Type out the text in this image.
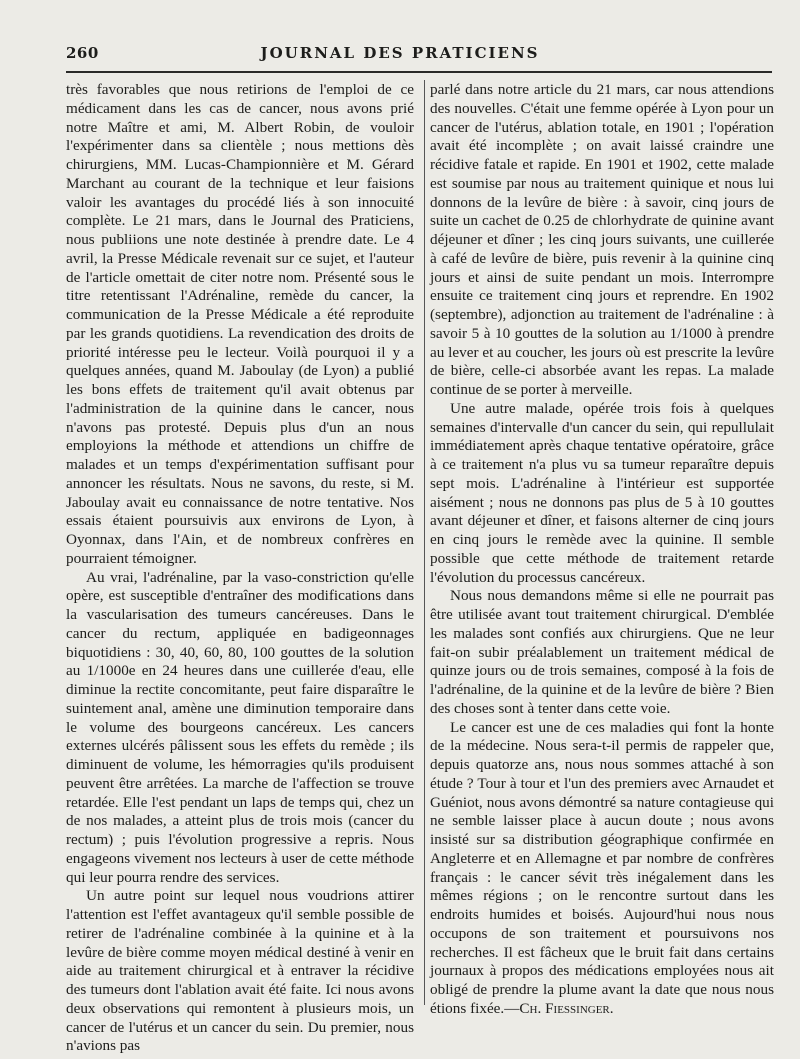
260	JOURNAL DES PRATICIENS

très favorables que nous retirions de l'emploi de ce médicament dans les cas de cancer, nous avons prié notre Maître et ami, M. Albert Robin, de vouloir l'expérimenter dans sa clientèle ; nous mettions dès chirurgiens, MM. Lucas-Championnière et M. Gérard Marchant au courant de la technique et leur faisions valoir les avantages du procédé liés à son innocuité complète. Le 21 mars, dans le Journal des Praticiens, nous publiions une note destinée à prendre date. Le 4 avril, la Presse Médicale revenait sur ce sujet, et l'auteur de l'article omettait de citer notre nom. Présenté sous le titre retentissant l'Adrénaline, remède du cancer, la communication de la Presse Médicale a été reproduite par les grands quotidiens. La revendication des droits de priorité intéresse peu le lecteur. Voilà pourquoi il y a quelques années, quand M. Jaboulay (de Lyon) a publié les bons effets de traitement qu'il avait obtenus par l'administration de la quinine dans le cancer, nous n'avons pas protesté. Depuis plus d'un an nous employions la méthode et attendions un chiffre de malades et un temps d'expérimentation suffisant pour annoncer les résultats. Nous ne savons, du reste, si M. Jaboulay avait eu connaissance de notre tentative. Nos essais étaient poursuivis aux environs de Lyon, à Oyonnax, dans l'Ain, et de nombreux confrères en pourraient témoigner.

Au vrai, l'adrénaline, par la vaso-constriction qu'elle opère, est susceptible d'entraîner des modifications dans la vascularisation des tumeurs cancéreuses. Dans le cancer du rectum, appliquée en badigeonnages biquotidiens : 30, 40, 60, 80, 100 gouttes de la solution au 1/1000e en 24 heures dans une cuillerée d'eau, elle diminue la rectite concomitante, peut faire disparaître le suintement anal, amène une diminution temporaire dans le volume des bourgeons cancéreux. Les cancers externes ulcérés pâlissent sous les effets du remède ; ils diminuent de volume, les hémorragies qu'ils produisent peuvent être arrêtées. La marche de l'affection se trouve retardée. Elle l'est pendant un laps de temps qui, chez un de nos malades, a atteint plus de trois mois (cancer du rectum) ; puis l'évolution progressive a repris. Nous engageons vivement nos lecteurs à user de cette méthode qui leur pourra rendre des services.

Un autre point sur lequel nous voudrions attirer l'attention est l'effet avantageux qu'il semble possible de retirer de l'adrénaline combinée à la quinine et à la levûre de bière comme moyen médical destiné à venir en aide au traitement chirurgical et à entraver la récidive des tumeurs dont l'ablation avait été faite. Ici nous avons deux observations qui remontent à plusieurs mois, un cancer de l'utérus et un cancer du sein. Du premier, nous n'avions pas

parlé dans notre article du 21 mars, car nous attendions des nouvelles. C'était une femme opérée à Lyon pour un cancer de l'utérus, ablation totale, en 1901 ; l'opération avait été incomplète ; on avait laissé craindre une récidive fatale et rapide. En 1901 et 1902, cette malade est soumise par nous au traitement quinique et nous lui donnons de la levûre de bière : à savoir, cinq jours de suite un cachet de 0.25 de chlorhydrate de quinine avant déjeuner et dîner ; les cinq jours suivants, une cuillerée à café de levûre de bière, puis revenir à la quinine cinq jours et ainsi de suite pendant un mois. Interrompre ensuite ce traitement cinq jours et reprendre. En 1902 (septembre), adjonction au traitement de l'adrénaline : à savoir 5 à 10 gouttes de la solution au 1/1000 à prendre au lever et au coucher, les jours où est prescrite la levûre de bière, celle-ci absorbée avant les repas. La malade continue de se porter à merveille.

Une autre malade, opérée trois fois à quelques semaines d'intervalle d'un cancer du sein, qui repullulait immédiatement après chaque tentative opératoire, grâce à ce traitement n'a plus vu sa tumeur reparaître depuis sept mois. L'adrénaline à l'intérieur est supportée aisément ; nous ne donnons pas plus de 5 à 10 gouttes avant déjeuner et dîner, et faisons alterner de cinq jours en cinq jours le remède avec la quinine. Il semble possible que cette méthode de traitement retarde l'évolution du processus cancéreux.

Nous nous demandons même si elle ne pourrait pas être utilisée avant tout traitement chirurgical. D'emblée les malades sont confiés aux chirurgiens. Que ne leur fait-on subir préalablement un traitement médical de quinze jours ou de trois semaines, composé à la fois de l'adrénaline, de la quinine et de la levûre de bière ? Bien des choses sont à tenter dans cette voie.

Le cancer est une de ces maladies qui font la honte de la médecine. Nous sera-t-il permis de rappeler que, depuis quatorze ans, nous nous sommes attaché à son étude ? Tour à tour et l'un des premiers avec Arnaudet et Guéniot, nous avons démontré sa nature contagieuse qui ne semble laisser place à aucun doute ; nous avons insisté sur sa distribution géographique confirmée en Angleterre et en Allemagne et par nombre de confrères français : le cancer sévit très inégalement dans les mêmes régions ; on le rencontre surtout dans les endroits humides et boisés. Aujourd'hui nous nous occupons de son traitement et poursuivons nos recherches. Il est fâcheux que le bruit fait dans certains journaux à propos des médications employées nous ait obligé de prendre la plume avant la date que nous nous étions fixée.—Ch. Fiessinger.
